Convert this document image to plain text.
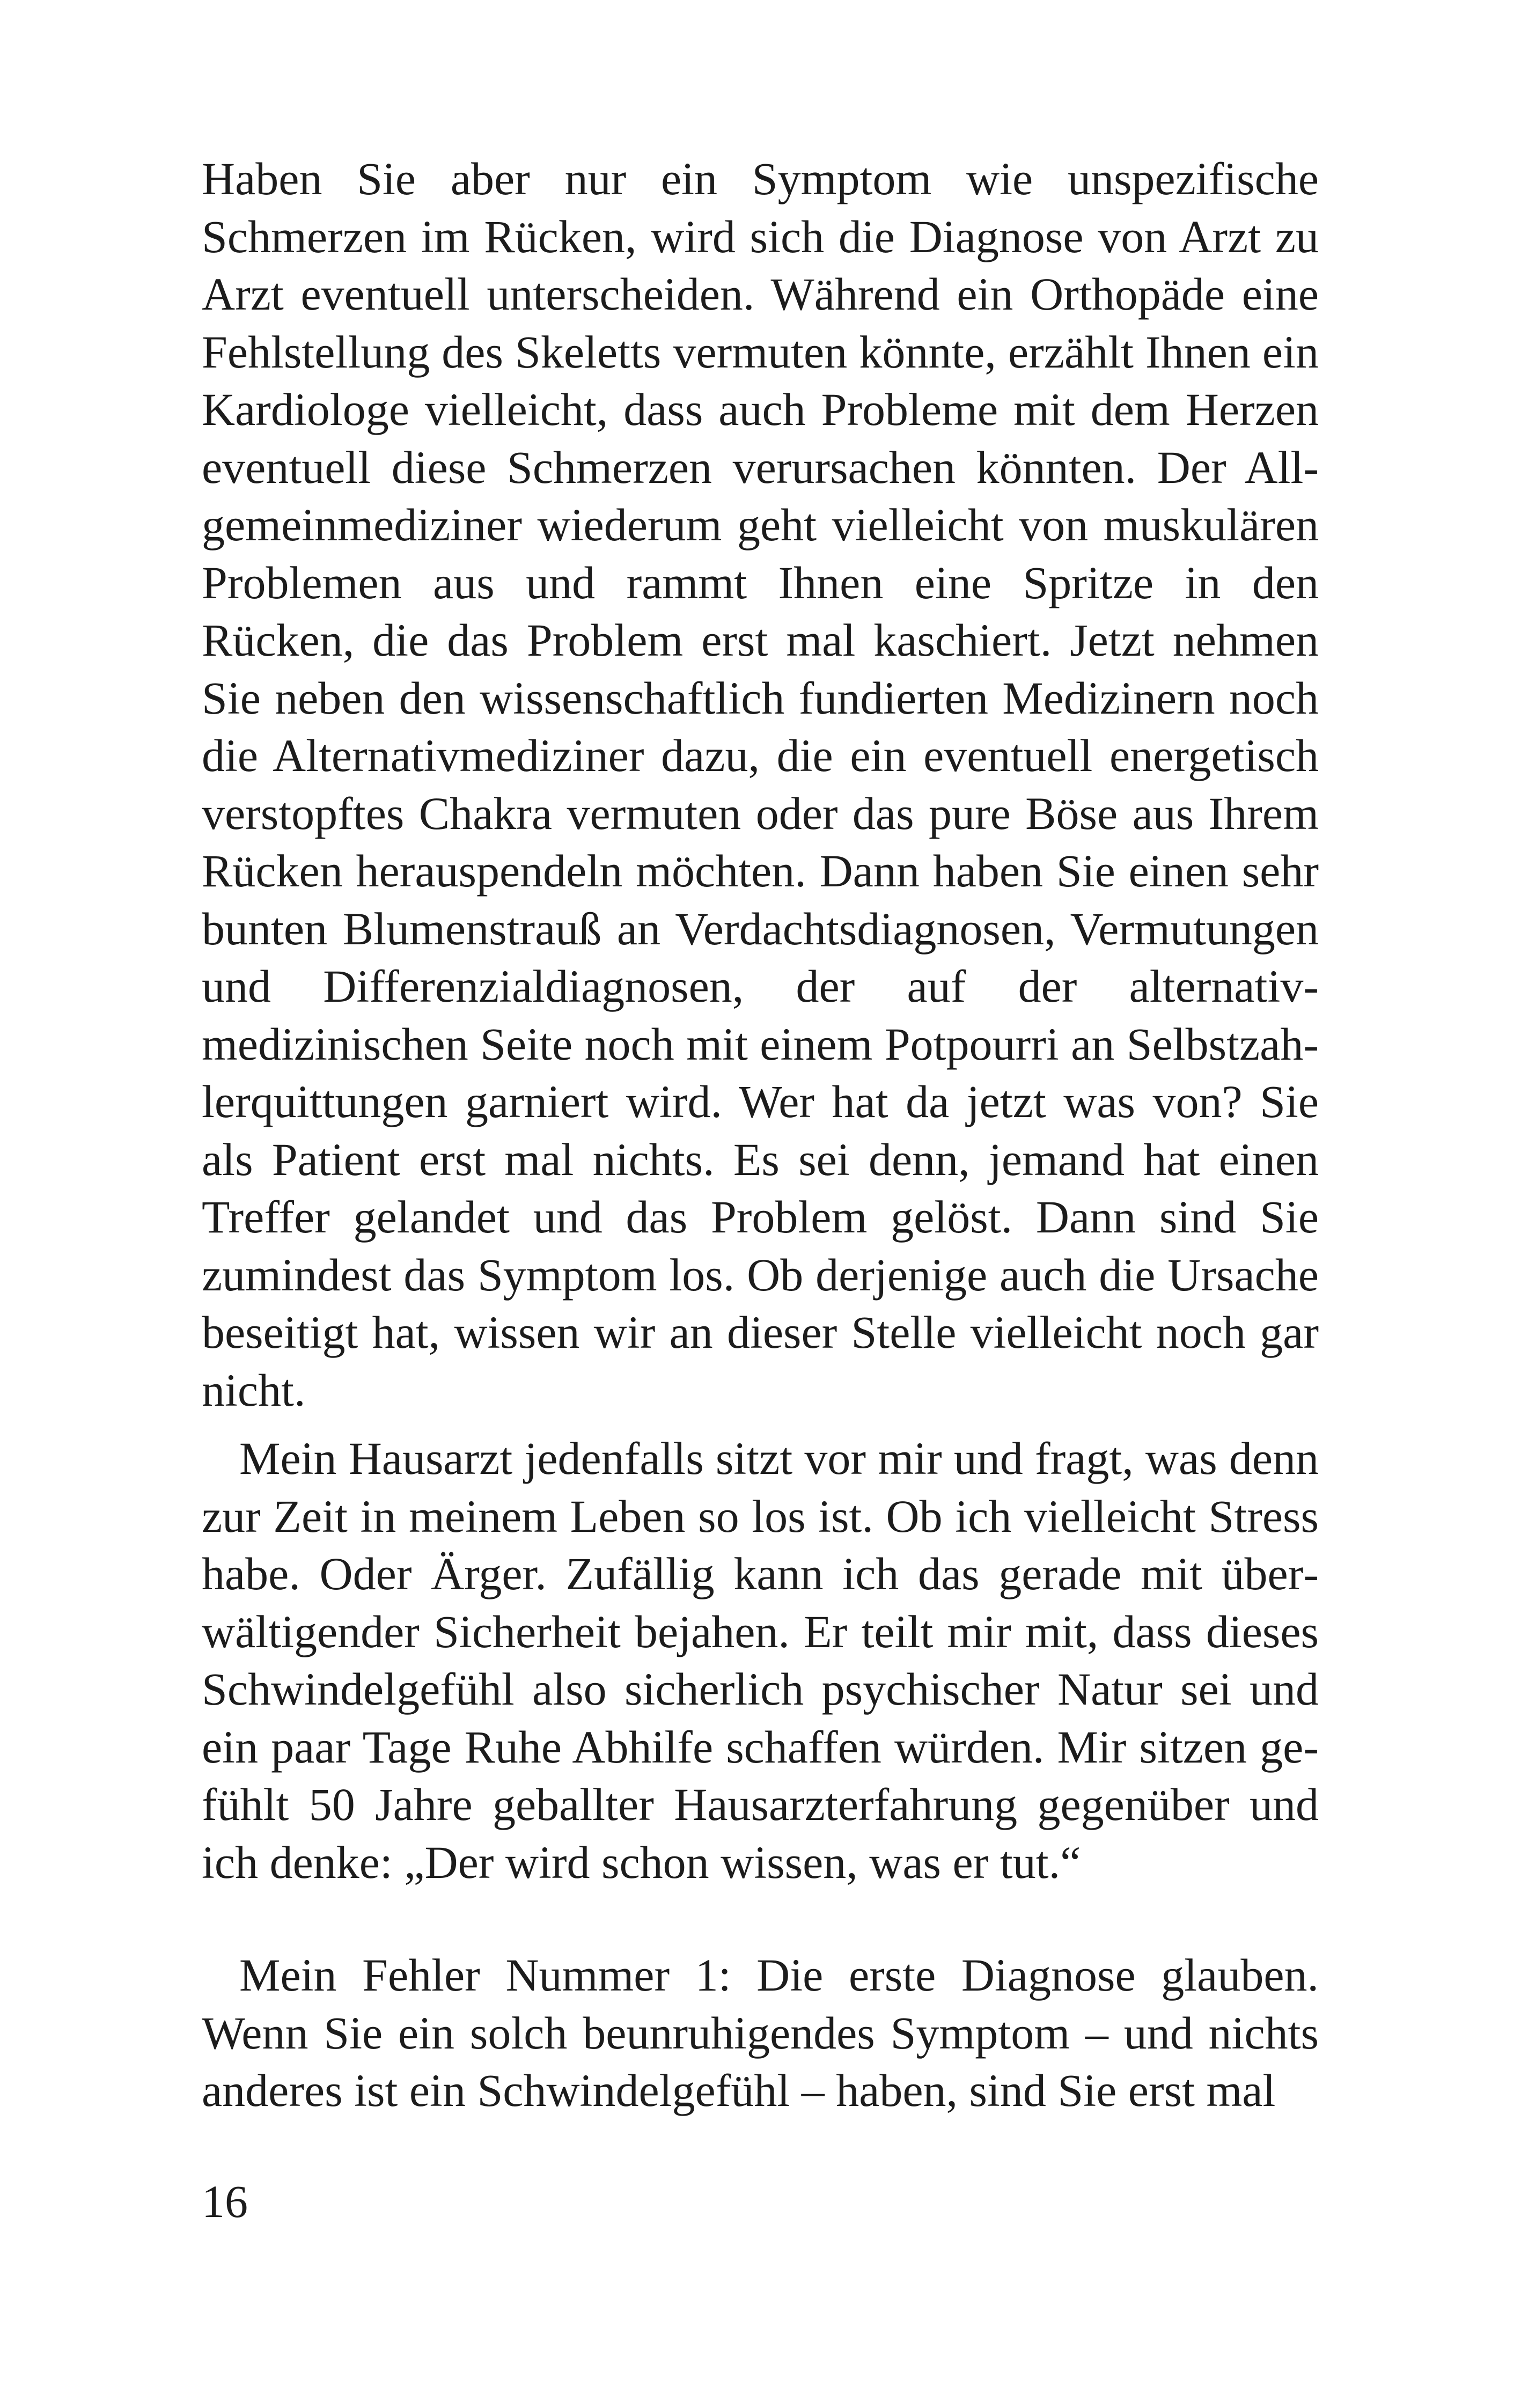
Haben Sie aber nur ein Symptom wie unspezifische Schmerzen im Rücken, wird sich die Diagnose von Arzt zu Arzt eventuell unterscheiden. Während ein Orthopäde eine Fehlstellung des Skeletts vermuten könnte, erzählt Ihnen ein Kardiologe vielleicht, dass auch Probleme mit dem Herzen eventuell diese Schmerzen verursachen könnten. Der Allgemeinmediziner wiederum geht vielleicht von muskulären Problemen aus und rammt Ihnen eine Spritze in den Rücken, die das Problem erst mal kaschiert. Jetzt nehmen Sie neben den wissenschaftlich fundierten Medizinern noch die Alternativmediziner dazu, die ein eventuell energetisch verstopftes Chakra vermuten oder das pure Böse aus Ihrem Rücken herauspendeln möchten. Dann haben Sie einen sehr bunten Blumenstrauß an Verdachtsdiagnosen, Vermutungen und Differenzialdiagnosen, der auf der alternativmedizinischen Seite noch mit einem Potpourri an Selbstzahlerquittungen garniert wird. Wer hat da jetzt was von? Sie als Patient erst mal nichts. Es sei denn, jemand hat einen Treffer gelandet und das Problem gelöst. Dann sind Sie zumindest das Symptom los. Ob derjenige auch die Ursache beseitigt hat, wissen wir an dieser Stelle vielleicht noch gar nicht.

Mein Hausarzt jedenfalls sitzt vor mir und fragt, was denn zur Zeit in meinem Leben so los ist. Ob ich vielleicht Stress habe. Oder Ärger. Zufällig kann ich das gerade mit überwältigender Sicherheit bejahen. Er teilt mir mit, dass dieses Schwindelgefühl also sicherlich psychischer Natur sei und ein paar Tage Ruhe Abhilfe schaffen würden. Mir sitzen gefühlt 50 Jahre geballter Hausarzterfahrung gegenüber und ich denke: „Der wird schon wissen, was er tut.“

Mein Fehler Nummer 1: Die erste Diagnose glauben. Wenn Sie ein solch beunruhigendes Symptom – und nichts anderes ist ein Schwindelgefühl – haben, sind Sie erst mal

16
